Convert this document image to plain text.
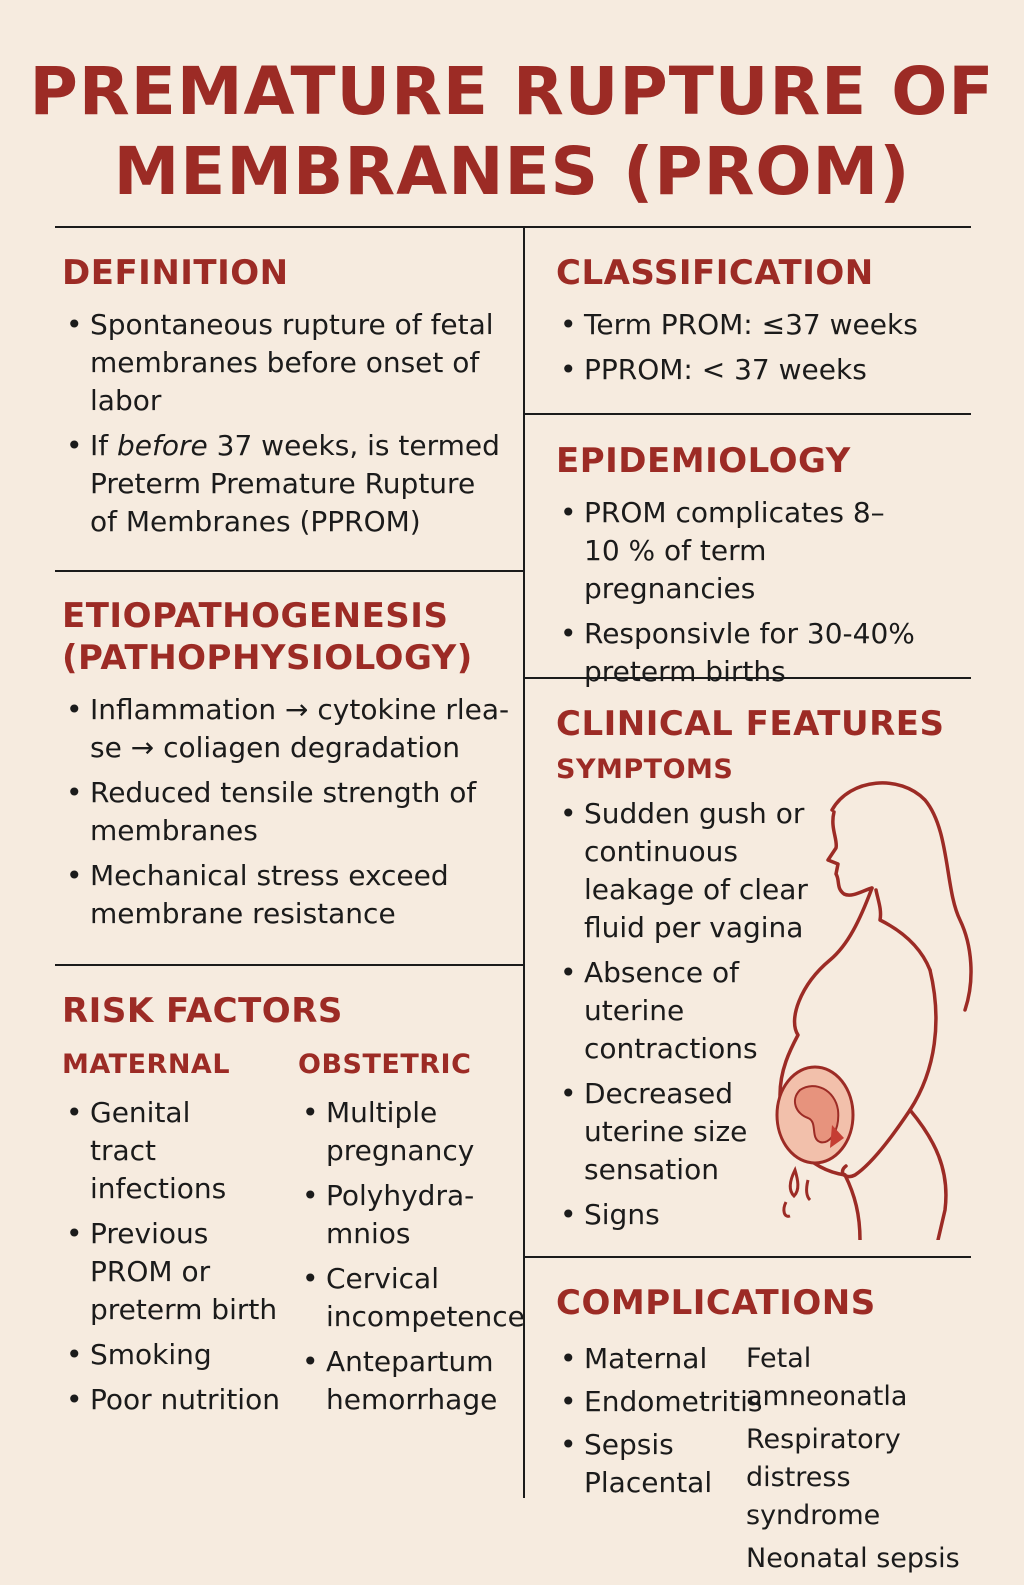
PREMATURE RUPTURE OF
MEMBRANES (PROM)
DEFINITION
• Spontaneous rupture of fetal membranes before onset of labor
• If before 37 weeks, is termed
Preterm Premature Rupture of Membranes (PPROM)
CLASSIFICATION
• Term PROM: ≤37 weeks
• PPROM: < 37 weeks
EPIDEMIOLOGY
• PROM complicates 8–10 % of term pregnancies
• Responsivle for 30-40% preterm births
ETIOPATHOGENESIS
(PATHOPHYSIOLOGY)
• Inflammation → cytokine rlea-se → coliagen degradation
• Reduced tensile strength of membranes
• Mechanical stress exceed membrane resistance
CLINICAL FEATURES
SYMPTOMS
• Sudden gush or continuous leakage of clear fluid per vagina
• Absence of uterine contractions
• Decreased uterine size sensation
• Signs
RISK FACTORS
MATERNAL
• Genital tract infections
• Previous PROM or preterm birth
• Smoking
• Poor nutrition
OBSTETRIC
• Multiple pregnancy
• Polyhydra-mnios
• Cervical incompetence
• Antepartum hemorrhage
COMPLICATIONS
• Maternal
• Endometritis
• Sepsis
Placental
Fetal amneonatla
Respiratory distress syndrome
Neonatal sepsis
